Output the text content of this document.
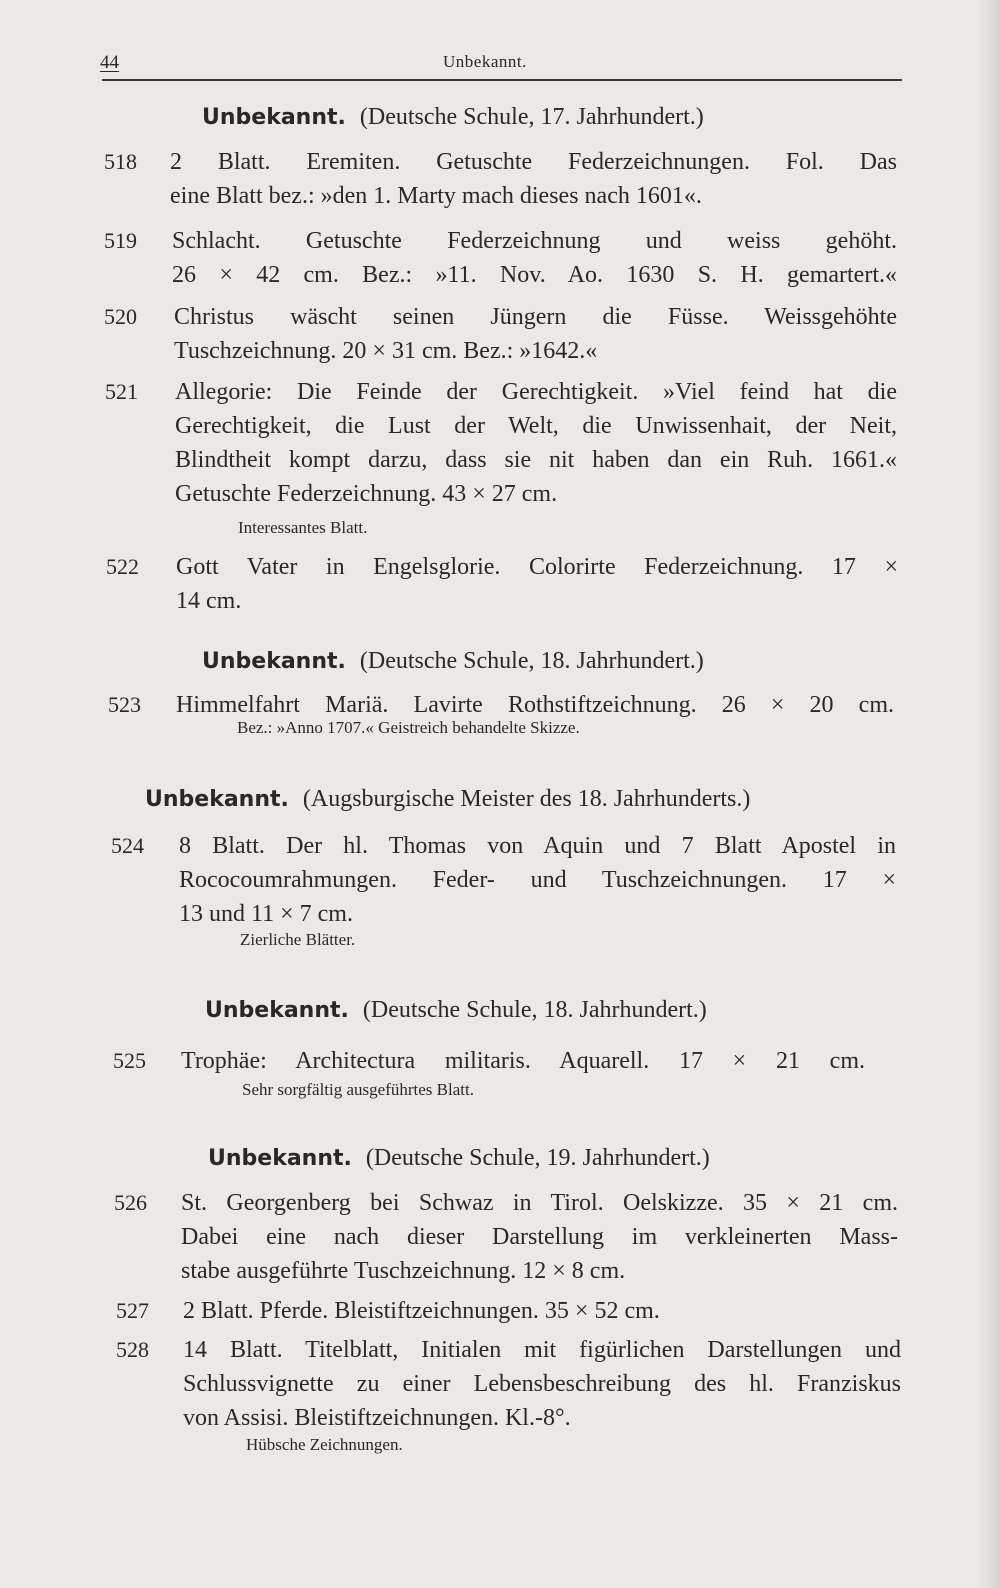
44	Unbekannt.
Unbekannt. (Deutsche Schule, 17. Jahrhundert.)
518 2 Blatt. Eremiten. Getuschte Federzeichnungen. Fol. Das
eine Blatt bez.: »den 1. Marty mach dieses nach 1601«.
519 Schlacht. Getuschte Federzeichnung und weiss gehöht.
26 × 42 cm. Bez.: »11. Nov. Ao. 1630 S. H. gemartert.«
520 Christus wäscht seinen Jüngern die Füsse. Weissgehöhte
Tuschzeichnung. 20 × 31 cm. Bez.: »1642.«
521 Allegorie: Die Feinde der Gerechtigkeit. »Viel feind hat die
Gerechtigkeit, die Lust der Welt, die Unwissenhait, der Neit,
Blindtheit kompt darzu, dass sie nit haben dan ein Ruh. 1661.«
Getuschte Federzeichnung. 43 × 27 cm.
Interessantes Blatt.
522 Gott Vater in Engelsglorie. Colorirte Federzeichnung. 17 ×
14 cm.
Unbekannt. (Deutsche Schule, 18. Jahrhundert.)
523 Himmelfahrt Mariä. Lavirte Rothstiftzeichnung. 26 × 20 cm.
Bez.: »Anno 1707.« Geistreich behandelte Skizze.
Unbekannt. (Augsburgische Meister des 18. Jahrhunderts.)
524 8 Blatt. Der hl. Thomas von Aquin und 7 Blatt Apostel in
Rococoumrahmungen. Feder- und Tuschzeichnungen. 17 ×
13 und 11 × 7 cm.
Zierliche Blätter.
Unbekannt. (Deutsche Schule, 18. Jahrhundert.)
525 Trophäe: Architectura militaris. Aquarell. 17 × 21 cm.
Sehr sorgfältig ausgeführtes Blatt.
Unbekannt. (Deutsche Schule, 19. Jahrhundert.)
526 St. Georgenberg bei Schwaz in Tirol. Oelskizze. 35 × 21 cm.
Dabei eine nach dieser Darstellung im verkleinerten Mass-
stabe ausgeführte Tuschzeichnung. 12 × 8 cm.
527 2 Blatt. Pferde. Bleistiftzeichnungen. 35 × 52 cm.
528 14 Blatt. Titelblatt, Initialen mit figürlichen Darstellungen und
Schlussvignette zu einer Lebensbeschreibung des hl. Franziskus
von Assisi. Bleistiftzeichnungen. Kl.-8°.
Hübsche Zeichnungen.
